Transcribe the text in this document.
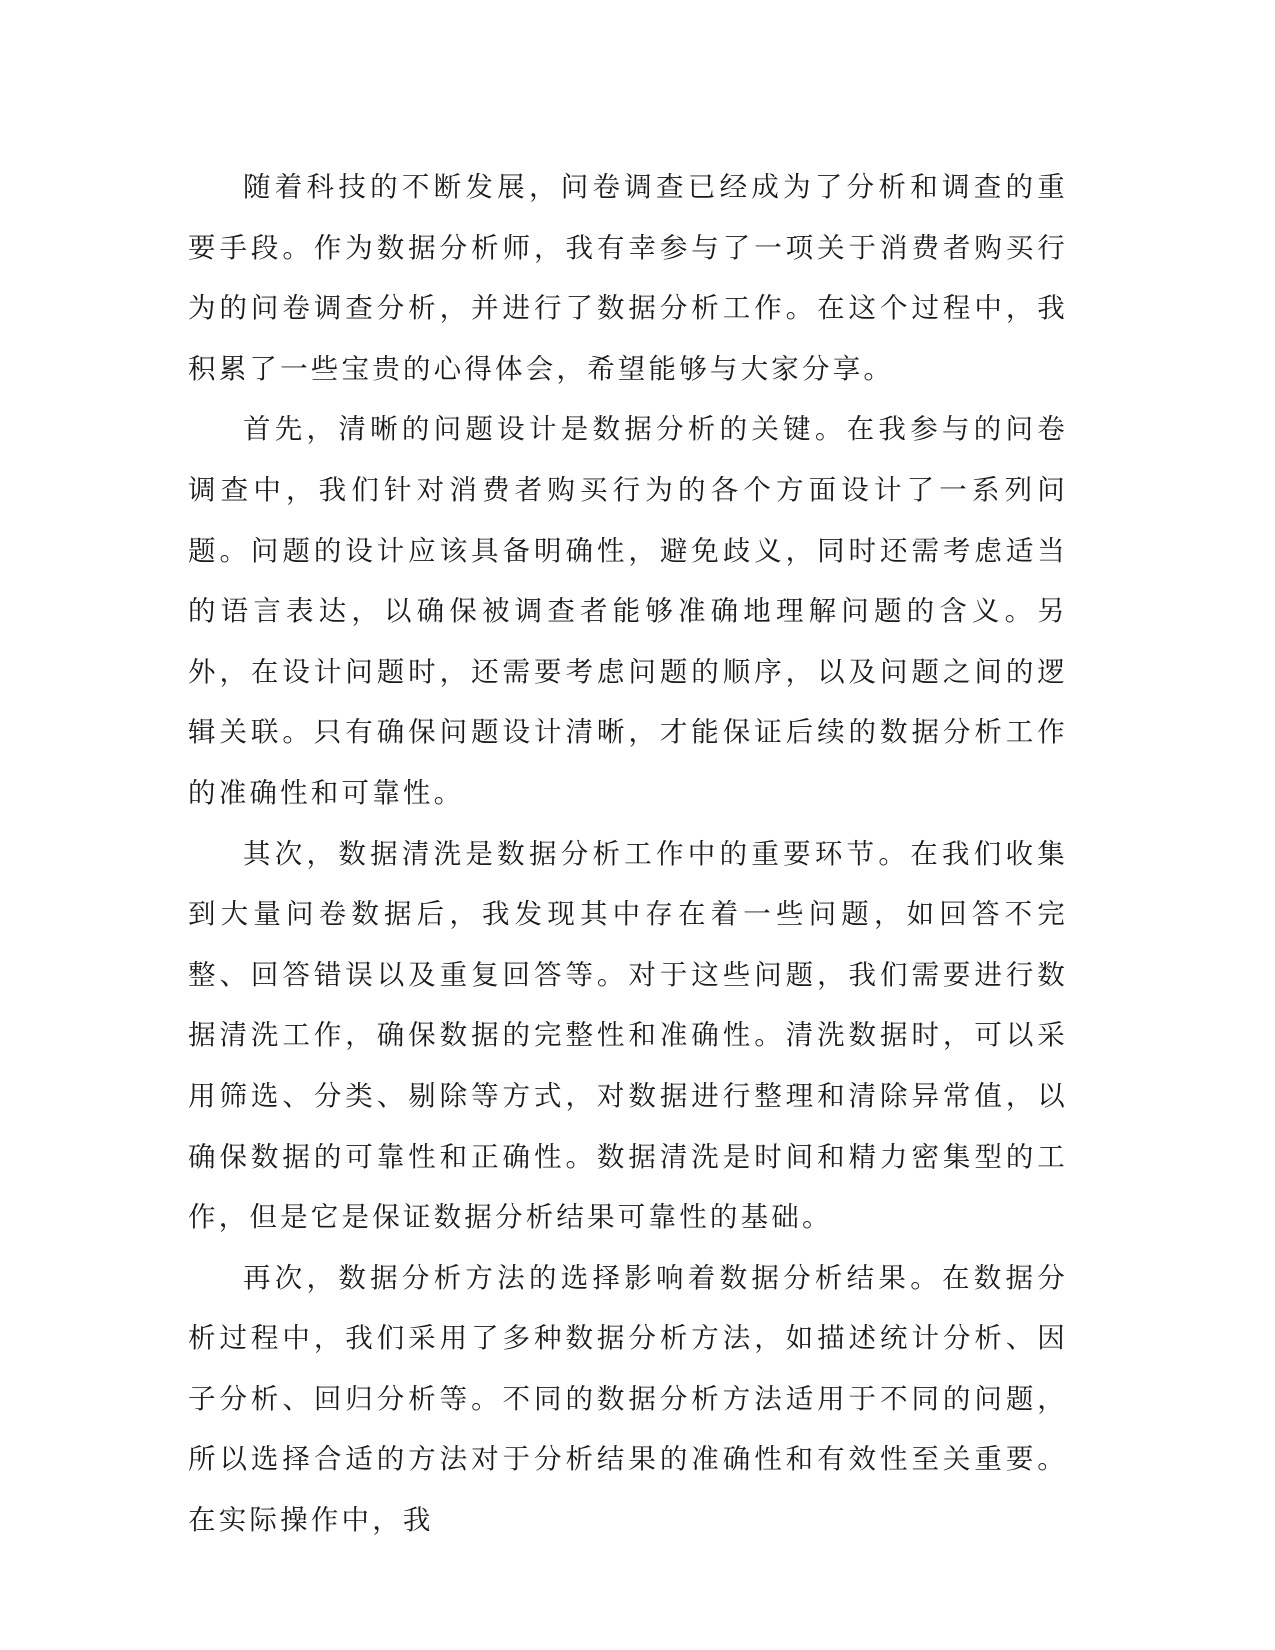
随着科技的不断发展，问卷调查已经成为了分析和调查的重要手段。作为数据分析师，我有幸参与了一项关于消费者购买行为的问卷调查分析，并进行了数据分析工作。在这个过程中，我积累了一些宝贵的心得体会，希望能够与大家分享。

首先，清晰的问题设计是数据分析的关键。在我参与的问卷调查中，我们针对消费者购买行为的各个方面设计了一系列问题。问题的设计应该具备明确性，避免歧义，同时还需考虑适当的语言表达，以确保被调查者能够准确地理解问题的含义。另外，在设计问题时，还需要考虑问题的顺序，以及问题之间的逻辑关联。只有确保问题设计清晰，才能保证后续的数据分析工作的准确性和可靠性。

其次，数据清洗是数据分析工作中的重要环节。在我们收集到大量问卷数据后，我发现其中存在着一些问题，如回答不完整、回答错误以及重复回答等。对于这些问题，我们需要进行数据清洗工作，确保数据的完整性和准确性。清洗数据时，可以采用筛选、分类、剔除等方式，对数据进行整理和清除异常值，以确保数据的可靠性和正确性。数据清洗是时间和精力密集型的工作，但是它是保证数据分析结果可靠性的基础。

再次，数据分析方法的选择影响着数据分析结果。在数据分析过程中，我们采用了多种数据分析方法，如描述统计分析、因子分析、回归分析等。不同的数据分析方法适用于不同的问题，所以选择合适的方法对于分析结果的准确性和有效性至关重要。在实际操作中，我
